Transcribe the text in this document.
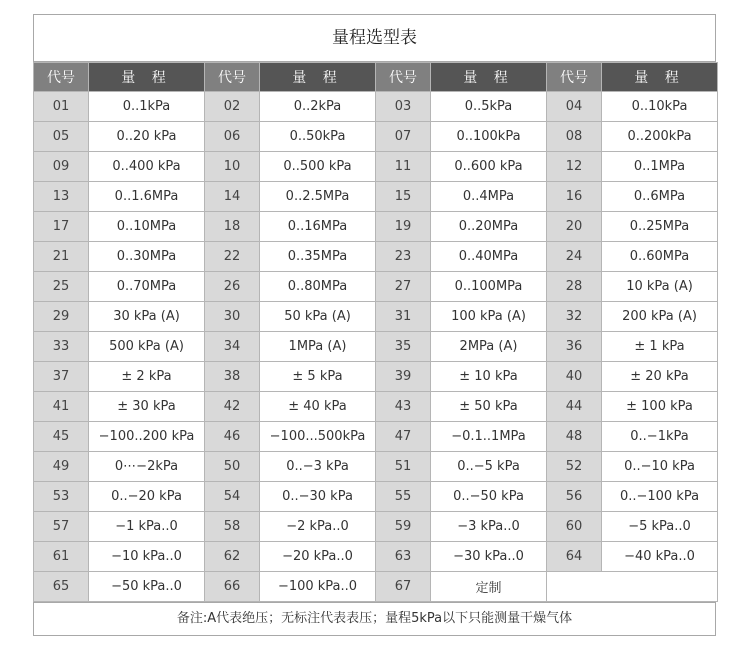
量程选型表
代号	量 程	代号	量 程	代号	量 程	代号	量 程
01	0..1kPa	02	0..2kPa	03	0..5kPa	04	0..10kPa
05	0..20 kPa	06	0..50kPa	07	0..100kPa	08	0..200kPa
09	0..400 kPa	10	0..500 kPa	11	0..600 kPa	12	0..1MPa
13	0..1.6MPa	14	0..2.5MPa	15	0..4MPa	16	0..6MPa
17	0..10MPa	18	0..16MPa	19	0..20MPa	20	0..25MPa
21	0..30MPa	22	0..35MPa	23	0..40MPa	24	0..60MPa
25	0..70MPa	26	0..80MPa	27	0..100MPa	28	10 kPa (A)
29	30 kPa (A)	30	50 kPa (A)	31	100 kPa (A)	32	200 kPa (A)
33	500 kPa (A)	34	1MPa (A)	35	2MPa (A)	36	± 1 kPa
37	± 2 kPa	38	± 5 kPa	39	± 10 kPa	40	± 20 kPa
41	± 30 kPa	42	± 40 kPa	43	± 50 kPa	44	± 100 kPa
45	−100..200 kPa	46	−100...500kPa	47	−0.1..1MPa	48	0..−1kPa
49	0⋯−2kPa	50	0..−3 kPa	51	0..−5 kPa	52	0..−10 kPa
53	0..−20 kPa	54	0..−30 kPa	55	0..−50 kPa	56	0..−100 kPa
57	−1 kPa..0	58	−2 kPa..0	59	−3 kPa..0	60	−5 kPa..0
61	−10 kPa..0	62	−20 kPa..0	63	−30 kPa..0	64	−40 kPa..0
65	−50 kPa..0	66	−100 kPa..0	67	定制		
备注:A代表绝压；无标注代表表压；量程5kPa以下只能测量干燥气体
